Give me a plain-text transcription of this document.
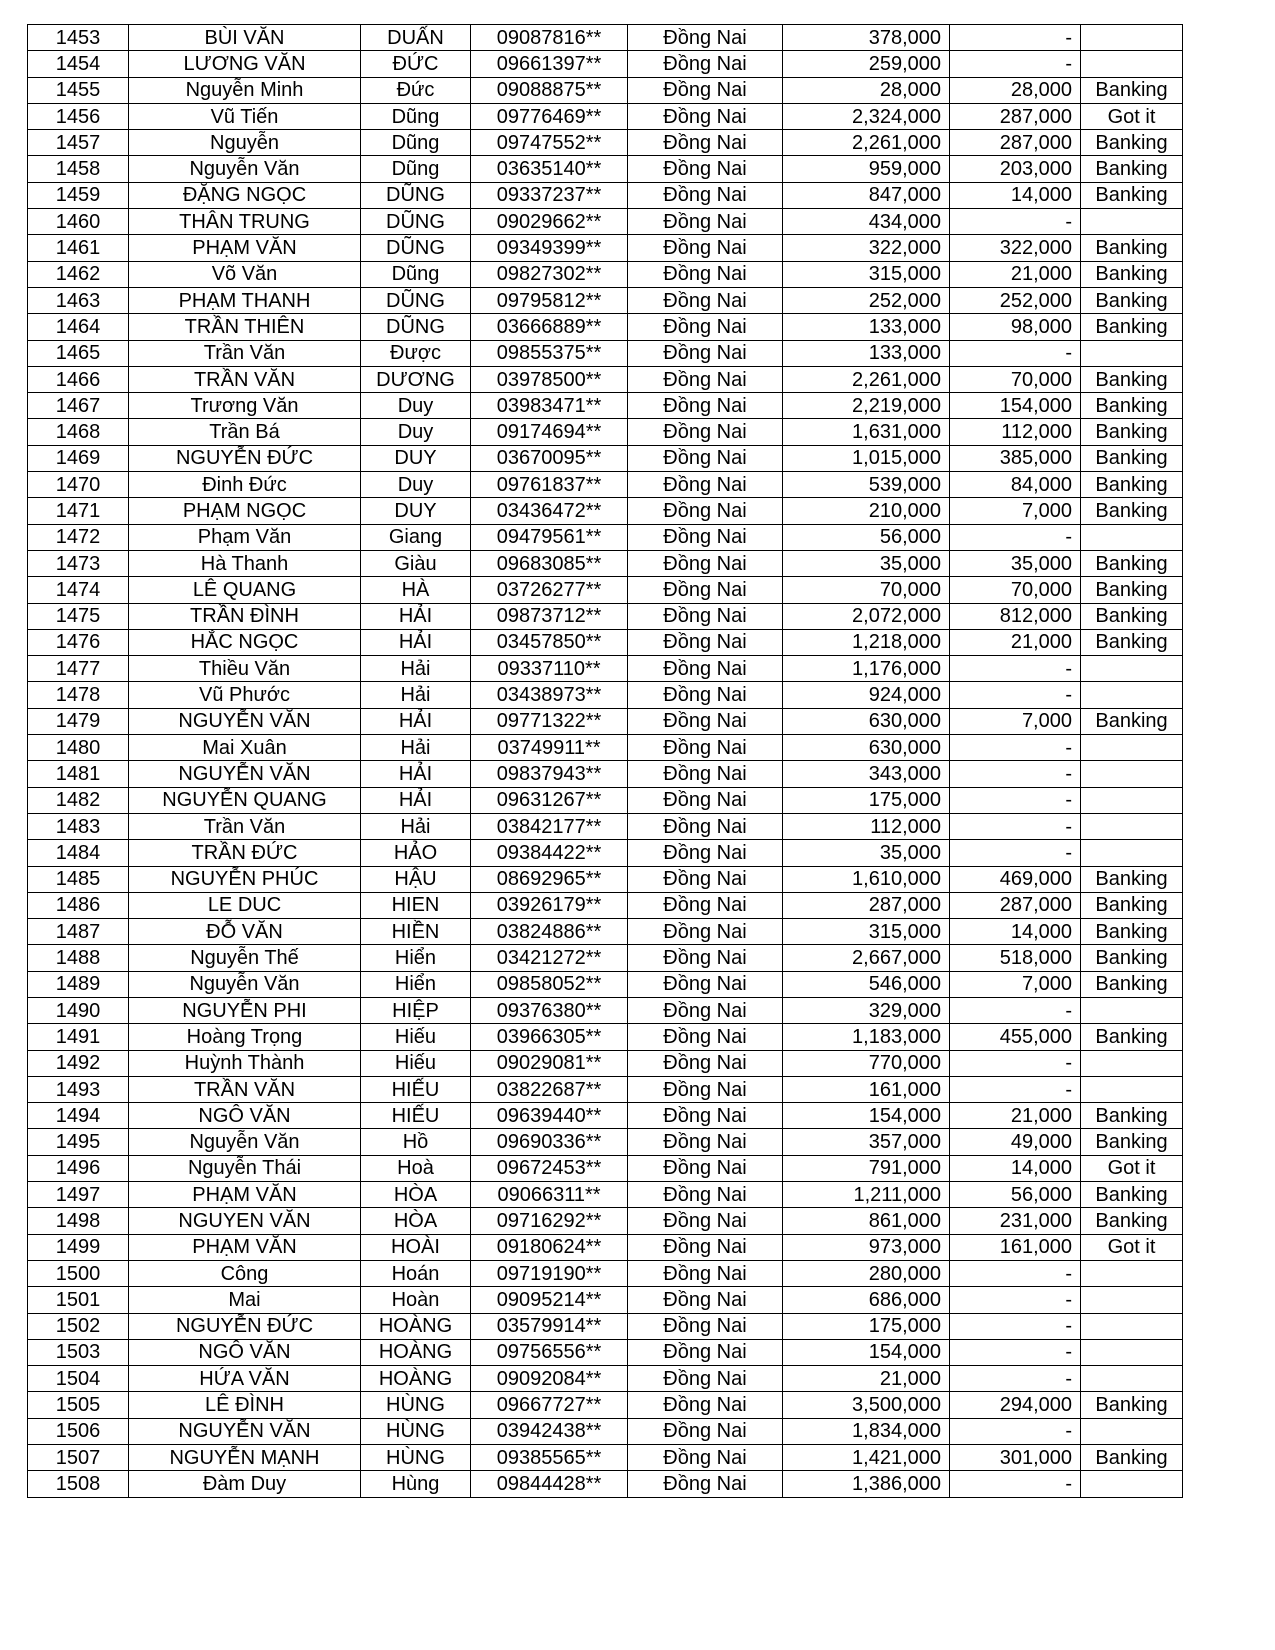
1453	BÙI VĂN	DUẤN	09087816**	Đồng Nai	378,000	-	
1454	LƯƠNG VĂN	ĐỨC	09661397**	Đồng Nai	259,000	-	
1455	Nguyễn Minh	Đức	09088875**	Đồng Nai	28,000	28,000	Banking
1456	Vũ Tiến	Dũng	09776469**	Đồng Nai	2,324,000	287,000	Got it
1457	Nguyễn	Dũng	09747552**	Đồng Nai	2,261,000	287,000	Banking
1458	Nguyễn Văn	Dũng	03635140**	Đồng Nai	959,000	203,000	Banking
1459	ĐẶNG NGỌC	DŨNG	09337237**	Đồng Nai	847,000	14,000	Banking
1460	THÂN TRUNG	DŨNG	09029662**	Đồng Nai	434,000	-	
1461	PHẠM VĂN	DŨNG	09349399**	Đồng Nai	322,000	322,000	Banking
1462	Võ Văn	Dũng	09827302**	Đồng Nai	315,000	21,000	Banking
1463	PHẠM THANH	DŨNG	09795812**	Đồng Nai	252,000	252,000	Banking
1464	TRẦN THIÊN	DŨNG	03666889**	Đồng Nai	133,000	98,000	Banking
1465	Trần Văn	Được	09855375**	Đồng Nai	133,000	-	
1466	TRẦN VĂN	DƯƠNG	03978500**	Đồng Nai	2,261,000	70,000	Banking
1467	Trương Văn	Duy	03983471**	Đồng Nai	2,219,000	154,000	Banking
1468	Trần Bá	Duy	09174694**	Đồng Nai	1,631,000	112,000	Banking
1469	NGUYỄN ĐỨC	DUY	03670095**	Đồng Nai	1,015,000	385,000	Banking
1470	Đinh Đức	Duy	09761837**	Đồng Nai	539,000	84,000	Banking
1471	PHẠM NGỌC	DUY	03436472**	Đồng Nai	210,000	7,000	Banking
1472	Phạm Văn	Giang	09479561**	Đồng Nai	56,000	-	
1473	Hà Thanh	Giàu	09683085**	Đồng Nai	35,000	35,000	Banking
1474	LÊ QUANG	HÀ	03726277**	Đồng Nai	70,000	70,000	Banking
1475	TRẦN ĐÌNH	HẢI	09873712**	Đồng Nai	2,072,000	812,000	Banking
1476	HẮC NGỌC	HẢI	03457850**	Đồng Nai	1,218,000	21,000	Banking
1477	Thiều Văn	Hải	09337110**	Đồng Nai	1,176,000	-	
1478	Vũ Phước	Hải	03438973**	Đồng Nai	924,000	-	
1479	NGUYỄN VĂN	HẢI	09771322**	Đồng Nai	630,000	7,000	Banking
1480	Mai Xuân	Hải	03749911**	Đồng Nai	630,000	-	
1481	NGUYỄN VĂN	HẢI	09837943**	Đồng Nai	343,000	-	
1482	NGUYỄN QUANG	HẢI	09631267**	Đồng Nai	175,000	-	
1483	Trần Văn	Hải	03842177**	Đồng Nai	112,000	-	
1484	TRẦN ĐỨC	HẢO	09384422**	Đồng Nai	35,000	-	
1485	NGUYỄN PHÚC	HẬU	08692965**	Đồng Nai	1,610,000	469,000	Banking
1486	LE DUC	HIEN	03926179**	Đồng Nai	287,000	287,000	Banking
1487	ĐỖ VĂN	HIỀN	03824886**	Đồng Nai	315,000	14,000	Banking
1488	Nguyễn Thế	Hiển	03421272**	Đồng Nai	2,667,000	518,000	Banking
1489	Nguyễn Văn	Hiển	09858052**	Đồng Nai	546,000	7,000	Banking
1490	NGUYỄN PHI	HIỆP	09376380**	Đồng Nai	329,000	-	
1491	Hoàng Trọng	Hiếu	03966305**	Đồng Nai	1,183,000	455,000	Banking
1492	Huỳnh Thành	Hiếu	09029081**	Đồng Nai	770,000	-	
1493	TRẦN VĂN	HIẾU	03822687**	Đồng Nai	161,000	-	
1494	NGÔ VĂN	HIẾU	09639440**	Đồng Nai	154,000	21,000	Banking
1495	Nguyễn Văn	Hồ	09690336**	Đồng Nai	357,000	49,000	Banking
1496	Nguyễn Thái	Hoà	09672453**	Đồng Nai	791,000	14,000	Got it
1497	PHẠM VĂN	HÒA	09066311**	Đồng Nai	1,211,000	56,000	Banking
1498	NGUYEN VĂN	HÒA	09716292**	Đồng Nai	861,000	231,000	Banking
1499	PHẠM VĂN	HOÀI	09180624**	Đồng Nai	973,000	161,000	Got it
1500	Công	Hoán	09719190**	Đồng Nai	280,000	-	
1501	Mai	Hoàn	09095214**	Đồng Nai	686,000	-	
1502	NGUYỄN ĐỨC	HOÀNG	03579914**	Đồng Nai	175,000	-	
1503	NGÔ VĂN	HOÀNG	09756556**	Đồng Nai	154,000	-	
1504	HỨA VĂN	HOÀNG	09092084**	Đồng Nai	21,000	-	
1505	LÊ ĐÌNH	HÙNG	09667727**	Đồng Nai	3,500,000	294,000	Banking
1506	NGUYỄN VĂN	HÙNG	03942438**	Đồng Nai	1,834,000	-	
1507	NGUYỄN MẠNH	HÙNG	09385565**	Đồng Nai	1,421,000	301,000	Banking
1508	Đàm Duy	Hùng	09844428**	Đồng Nai	1,386,000	-	
